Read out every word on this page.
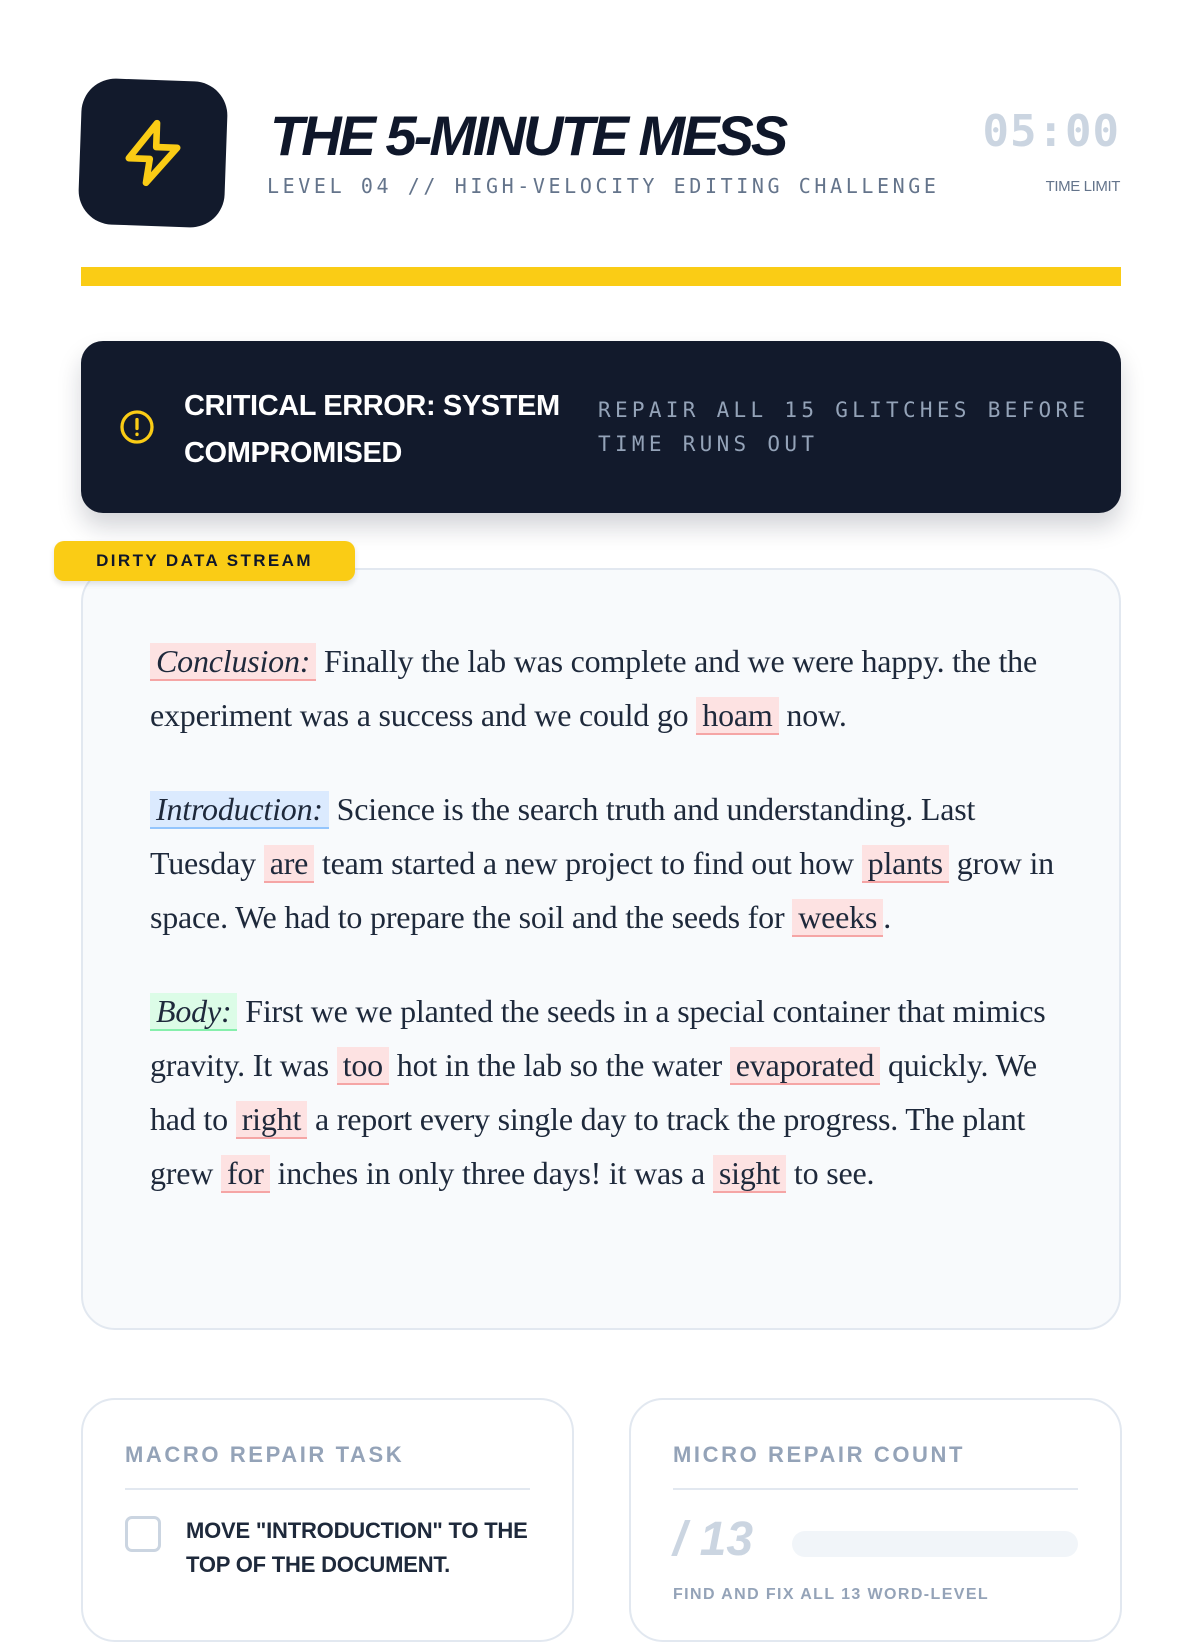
THE 5-MINUTE MESS
LEVEL 04 // HIGH-VELOCITY EDITING CHALLENGE
05:00
TIME LIMIT
CRITICAL ERROR: SYSTEM COMPROMISED
REPAIR ALL 15 GLITCHES BEFORE TIME RUNS OUT
DIRTY DATA STREAM

Conclusion: Finally the lab was complete and we were happy. the the experiment was a success and we could go hoam now.

Introduction: Science is the search truth and understanding. Last Tuesday are team started a new project to find out how plants grow in space. We had to prepare the soil and the seeds for weeks .

Body: First we we planted the seeds in a special container that mimics gravity. It was too hot in the lab so the water evaporated quickly. We had to right a report every single day to track the progress. The plant grew for inches in only three days! it was a sight to see.

MACRO REPAIR TASK
MOVE "INTRODUCTION" TO THE TOP OF THE DOCUMENT.
MICRO REPAIR COUNT
/ 13
FIND AND FIX ALL 13 WORD-LEVEL
